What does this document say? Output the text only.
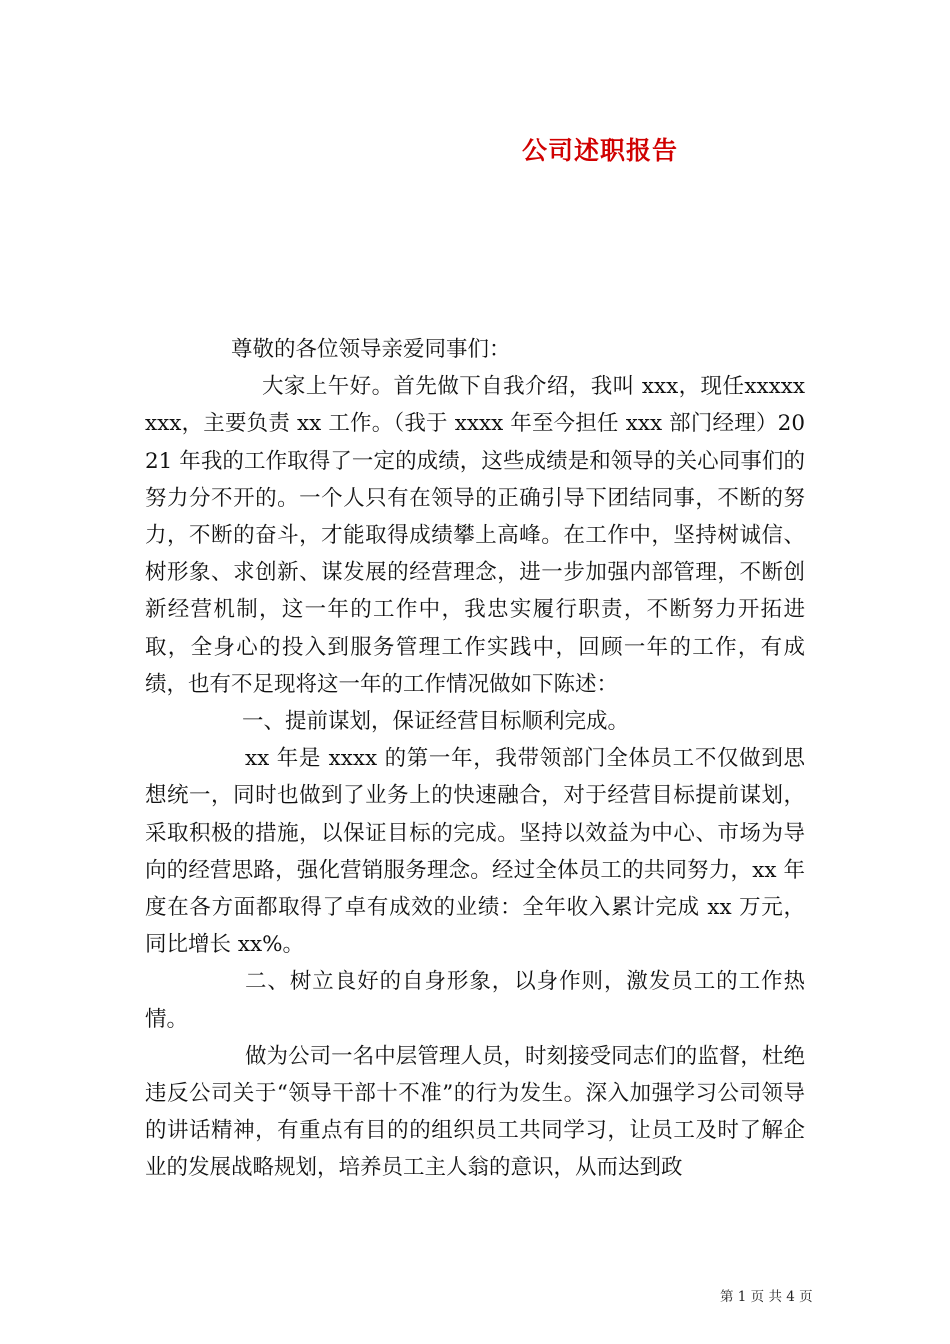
公司述职报告

尊敬的各位领导亲爱同事们：

大家上午好。首先做下自我介绍，我叫 xxx，现任xxxxxxxx，主要负责 xx 工作。（我于 xxxx 年至今担任 xxx 部门经理）2021 年我的工作取得了一定的成绩，这些成绩是和领导的关心同事们的努力分不开的。一个人只有在领导的正确引导下团结同事，不断的努力，不断的奋斗，才能取得成绩攀上高峰。在工作中，坚持树诚信、树形象、求创新、谋发展的经营理念，进一步加强内部管理，不断创新经营机制，这一年的工作中，我忠实履行职责，不断努力开拓进取，全身心的投入到服务管理工作实践中，回顾一年的工作，有成绩，也有不足现将这一年的工作情况做如下陈述：

一、提前谋划，保证经营目标顺利完成。

xx 年是 xxxx 的第一年，我带领部门全体员工不仅做到思想统一，同时也做到了业务上的快速融合，对于经营目标提前谋划，采取积极的措施，以保证目标的完成。坚持以效益为中心、市场为导向的经营思路，强化营销服务理念。经过全体员工的共同努力，xx 年度在各方面都取得了卓有成效的业绩：全年收入累计完成 xx 万元，同比增长 xx%。

二、树立良好的自身形象，以身作则，激发员工的工作热情。

做为公司一名中层管理人员，时刻接受同志们的监督，杜绝违反公司关于“领导干部十不准”的行为发生。深入加强学习公司领导的讲话精神，有重点有目的的组织员工共同学习，让员工及时了解企业的发展战略规划，培养员工主人翁的意识，从而达到政

第 1 页 共 4 页
